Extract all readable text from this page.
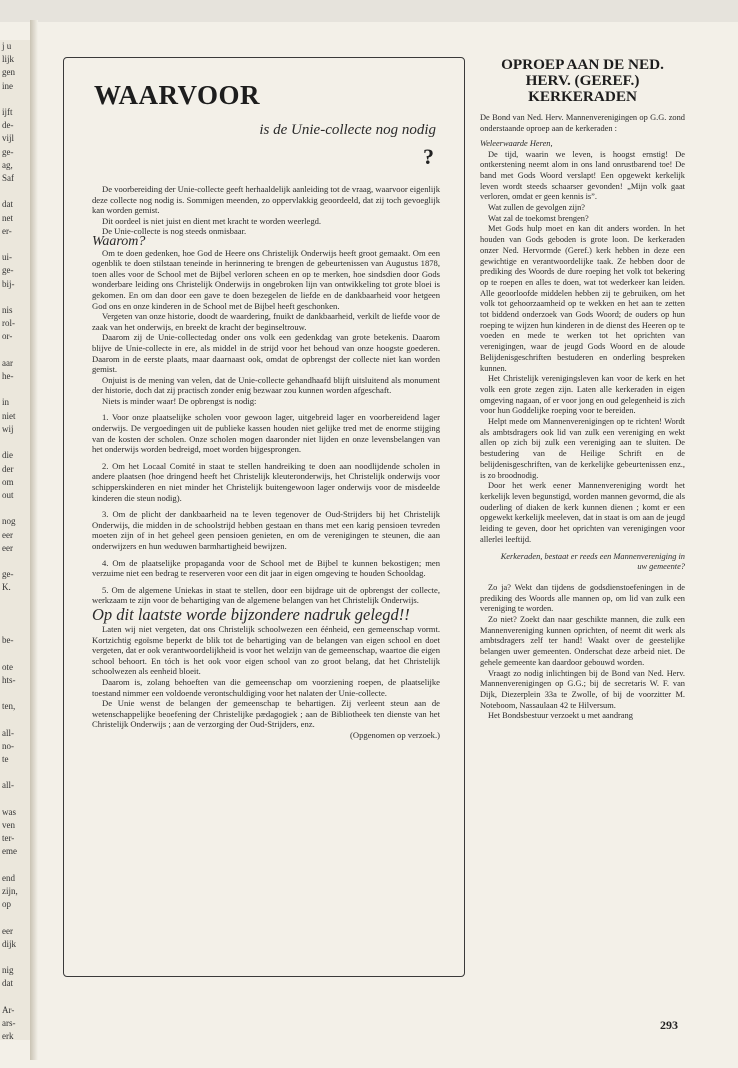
j u
lijk
gen
ine

ijft
de-
vijl
ge-
ag,
Saf

dat
net
er-

ui-
ge-
bij-

nis
rol-
or-

aar
he-

in
niet
wij

die
der
om
out

nog
eer
eer

ge-
K.

be-

ote
hts-

ten,

all-
no-
te

all-

was
ven
ter-
eme

end
zijn,
op

eer
dijk

nig
dat

Ar-
ars-
erk
WAARVOOR
is de Unie-collecte nog nodig
?

De voorbereiding der Unie-collecte geeft herhaaldelijk aanleiding tot de vraag, waarvoor eigenlijk deze collecte nog nodig is. Sommigen meenden, zo oppervlakkig geoordeeld, dat zij toch gevoeglijk kan worden gemist.

Dit oordeel is niet juist en dient met kracht te worden weerlegd.

De Unie-collecte is nog steeds onmisbaar.

Waarom?

Om te doen gedenken, hoe God de Heere ons Christelijk Onderwijs heeft groot gemaakt. Om een ogenblik te doen stilstaan teneinde in herinnering te brengen de gebeurtenissen van Augustus 1878, toen alles voor de School met de Bijbel verloren scheen en op te merken, hoe sindsdien door Gods wonderbare leiding ons Christelijk Onderwijs in ongebroken lijn van ontwikkeling tot grote bloei is gekomen. En om dan door een gave te doen bezegelen de liefde en de dankbaarheid voor hetgeen God ons en onze kinderen in de School met de Bijbel heeft geschonken.

Vergeten van onze historie, doodt de waardering, fnuikt de dankbaarheid, verkilt de liefde voor de zaak van het onderwijs, en breekt de kracht der beginseltrouw.

Daarom zij de Unie-collectedag onder ons volk een gedenkdag van grote betekenis. Daarom blijve de Unie-collecte in ere, als middel in de strijd voor het behoud van onze hoogste goederen. Daarom in de eerste plaats, maar daarnaast ook, omdat de opbrengst der collecte niet kan worden gemist.

Onjuist is de mening van velen, dat de Unie-collecte gehandhaafd blijft uitsluitend als monument der historie, doch dat zij practisch zonder enig bezwaar zou kunnen worden afgeschaft.

Niets is minder waar! De opbrengst is nodig:

1. Voor onze plaatselijke scholen voor gewoon lager, uitgebreid lager en voorbereidend lager onderwijs. De vergoedingen uit de publieke kassen houden niet gelijke tred met de enorme stijging van de kosten der scholen. Onze scholen mogen daaronder niet lijden en onze levensbelangen van het onderwijs worden bedreigd, moet worden bijgesprongen.

2. Om het Locaal Comité in staat te stellen handreiking te doen aan noodlijdende scholen in andere plaatsen (hoe dringend heeft het Christelijk kleuteronderwijs, het Christelijk onderwijs voor schipperskinderen en niet minder het Christelijk buitengewoon lager onderwijs voor de misdeelde kinderen die steun nodig).

3. Om de plicht der dankbaarheid na te leven tegenover de Oud-Strijders bij het Christelijk Onderwijs, die midden in de schoolstrijd hebben gestaan en thans met een karig pensioen tevreden moeten zijn of in het geheel geen pensioen genieten, en om de verenigingen te steunen, die aan onderwijzers en hun weduwen barmhartigheid bewijzen.

4. Om de plaatselijke propaganda voor de School met de Bijbel te kunnen bekostigen; men verzuime niet een bedrag te reserveren voor een dit jaar in eigen omgeving te houden Schooldag.

5. Om de algemene Uniekas in staat te stellen, door een bijdrage uit de opbrengst der collecte, werkzaam te zijn voor de behartiging van de algemene belangen van het Christelijk Onderwijs.

Op dit laatste worde bijzondere nadruk gelegd!!

Laten wij niet vergeten, dat ons Christelijk schoolwezen een éénheid, een gemeenschap vormt. Kortzichtig egoïsme beperkt de blik tot de behartiging van de belangen van eigen school en doet vergeten, dat er ook verantwoordelijkheid is voor het welzijn van de gemeenschap, waartoe die eigen school behoort. En tóch is het ook voor eigen school van zo groot belang, dat het Christelijk schoolwezen als eenheid bloeit.

Daarom is, zolang behoeften van die gemeenschap om voorziening roepen, de plaatselijke toestand nimmer een voldoende verontschuldiging voor het nalaten der Unie-collecte.

De Unie wenst de belangen der gemeenschap te behartigen. Zij verleent steun aan de wetenschappelijke beoefening der Christelijke pædagogiek ; aan de Bibliotheek ten dienste van het Christelijk Onderwijs ; aan de verzorging der Oud-Strijders, enz.

(Opgenomen op verzoek.)

OPROEP AAN DE NED.
HERV. (GEREF.)
KERKERADEN

De Bond van Ned. Herv. Mannenverenigingen op G.G. zond onderstaande oproep aan de kerkeraden :

Weleerwaarde Heren,

De tijd, waarin we leven, is hoogst ernstig! De ontkerstening neemt alom in ons land onrustbarend toe! De band met Gods Woord verslapt! Een opgewekt kerkelijk leven wordt steeds schaarser gevonden! „Mijn volk gaat verloren, omdat er geen kennis is”.

Wat zullen de gevolgen zijn?

Wat zal de toekomst brengen?

Met Gods hulp moet en kan dit anders worden. In het houden van Gods geboden is grote loon. De kerkeraden onzer Ned. Hervormde (Geref.) kerk hebben in deze een gewichtige en verantwoordelijke taak. Ze hebben door de prediking des Woords de dure roeping het volk tot bekering op te roepen en alles te doen, wat tot wederkeer kan leiden. Alle geoorloofde middelen hebben zij te gebruiken, om het volk tot gehoorzaamheid op te wekken en het aan te zetten tot biddend onderzoek van Gods Woord; de ouders op hun roeping te wijzen hun kinderen in de dienst des Heeren op te voeden en mede te werken tot het oprichten van verenigingen, waar de jeugd Gods Woord en de aloude Belijdenisgeschriften bestuderen en onderling bespreken kunnen.

Het Christelijk verenigingsleven kan voor de kerk en het volk een grote zegen zijn. Laten alle kerkeraden in eigen omgeving nagaan, of er voor jong en oud gelegenheid is zich voor hun Goddelijke roeping voor te bereiden.

Helpt mede om Mannenverenigingen op te richten! Wordt als ambtsdragers ook lid van zulk een vereniging en wekt allen op zich bij zulk een vereniging aan te sluiten. De bestudering van de Heilige Schrift en de belijdenisgeschriften, van de kerkelijke gebeurtenissen enz., is zo broodnodig.

Door het werk eener Mannenvereniging wordt het kerkelijk leven begunstigd, worden mannen gevormd, die als ouderling of diaken de kerk kunnen dienen ; komt er een opgewekt kerkelijk meeleven, dat in staat is om aan de jeugd leiding te geven, door het oprichten van verenigingen voor allerlei leeftijd.

Kerkeraden, bestaat er reeds een Mannenvereniging in uw gemeente?

Zo ja? Wekt dan tijdens de godsdienstoefeningen in de prediking des Woords alle mannen op, om lid van zulk een vereniging te worden.

Zo niet? Zoekt dan naar geschikte mannen, die zulk een Mannenvereniging kunnen oprichten, of neemt dit werk als ambtsdragers zelf ter hand! Waakt over de geestelijke belangen uwer gemeenten. Onderschat deze arbeid niet. De gehele gemeente kan daardoor gebouwd worden.

Vraagt zo nodig inlichtingen bij de Bond van Ned. Herv. Mannenverenigingen op G.G.; bij de secretaris W. F. van Dijk, Diezerplein 33a te Zwolle, of bij de voorzitter M. Noteboom, Nassaulaan 42 te Hilversum.

Het Bondsbestuur verzoekt u met aandrang

293
